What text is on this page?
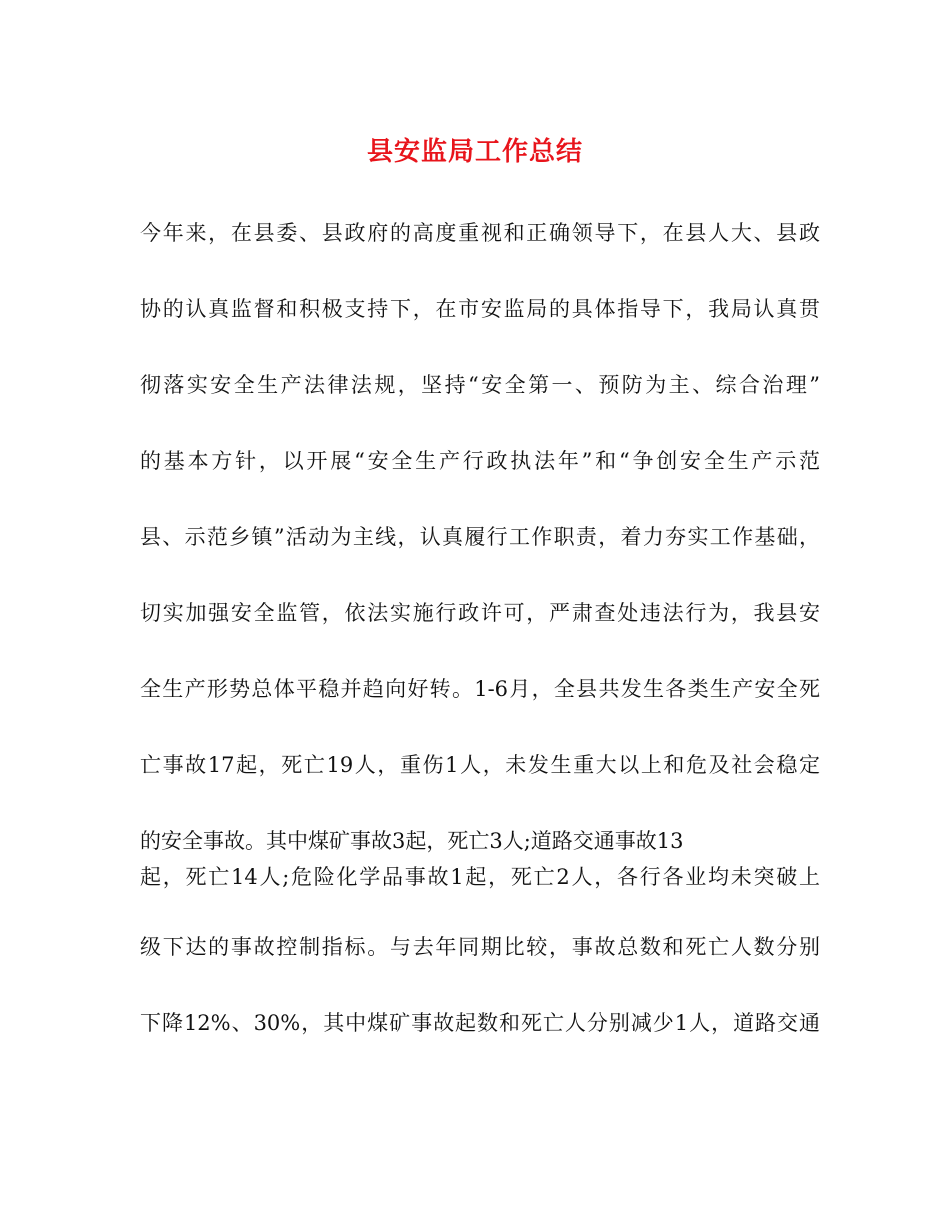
县安监局工作总结

今年来，在县委、县政府的高度重视和正确领导下，在县人大、县政

协的认真监督和积极支持下，在市安监局的具体指导下，我局认真贯

彻落实安全生产法律法规，坚持“安全第一、预防为主、综合治理”

的基本方针，以开展“安全生产行政执法年”和“争创安全生产示范

县、示范乡镇”活动为主线，认真履行工作职责，着力夯实工作基础，

切实加强安全监管，依法实施行政许可，严肃查处违法行为，我县安

全生产形势总体平稳并趋向好转。1-6月，全县共发生各类生产安全死

亡事故17起，死亡19人，重伤1人，未发生重大以上和危及社会稳定

的安全事故。其中煤矿事故3起，死亡3人;道路交通事故13

起，死亡14人;危险化学品事故1起，死亡2人，各行各业均未突破上

级下达的事故控制指标。与去年同期比较，事故总数和死亡人数分别

下降12%、30%，其中煤矿事故起数和死亡人分别减少1人，道路交通
